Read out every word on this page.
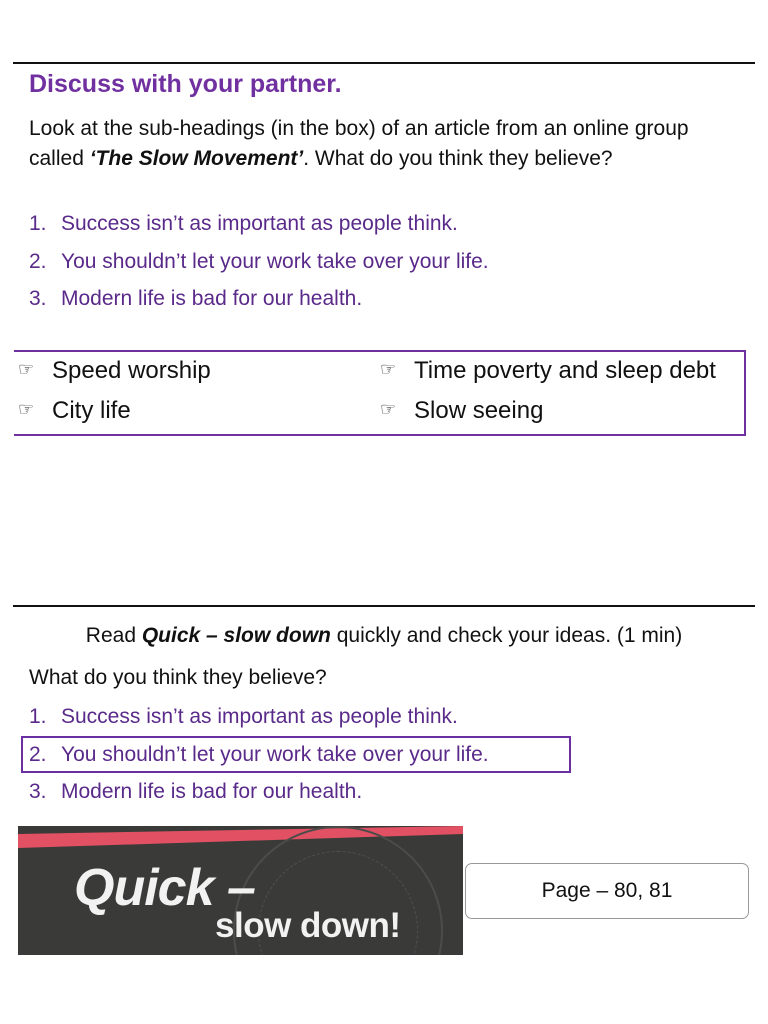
Discuss with your partner.

Look at the sub-headings (in the box) of an article from an online group called ‘The Slow Movement’. What do you think they believe?

1. Success isn’t as important as people think.
2. You shouldn’t let your work take over your life.
3. Modern life is bad for our health.
☞ Speed worship	☞ Time poverty and sleep debt
☞ City life	☞ Slow seeing

Read Quick – slow down quickly and check your ideas. (1 min)

What do you think they believe?

1. Success isn’t as important as people think.
2. You shouldn’t let your work take over your life.
3. Modern life is bad for our health.
Quick –
slow down!
Page – 80, 81
